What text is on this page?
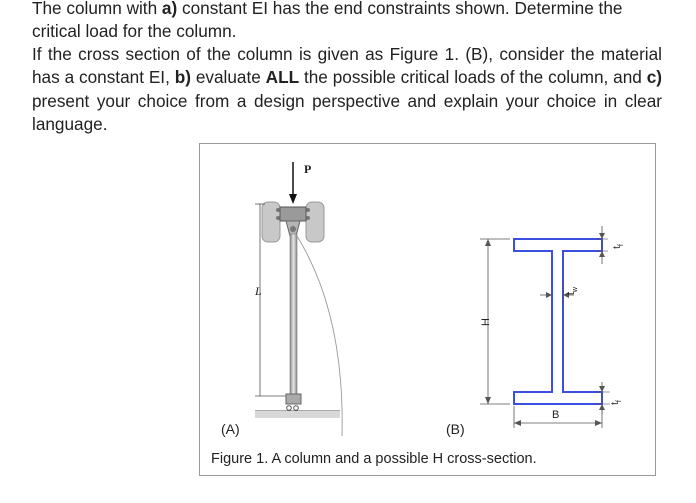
The column with a) constant EI has the end constraints shown. Determine the critical load for the column.

If the cross section of the column is given as Figure 1. (B), consider the material has a constant EI, b) evaluate ALL the possible critical loads of the column, and c) present your choice from a design perspective and explain your choice in clear language.

P
L
H
B
$t_w$
$t_f$
$t_f$
(A)	(B)
Figure 1. A column and a possible H cross-section.
